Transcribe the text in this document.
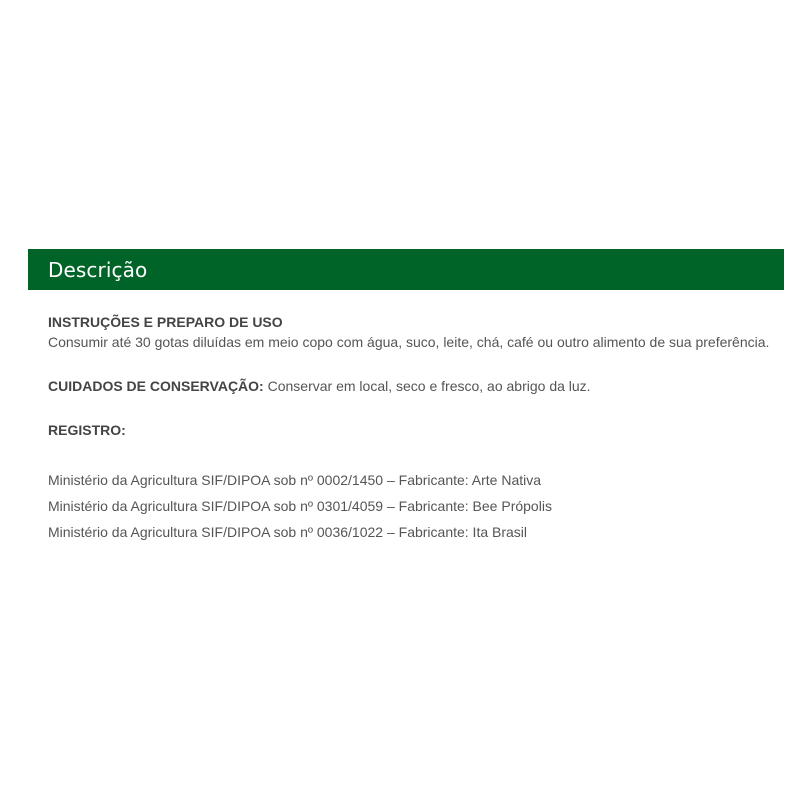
Descrição
INSTRUÇÕES E PREPARO DE USO
Consumir até 30 gotas diluídas em meio copo com água, suco, leite, chá, café ou outro alimento de sua preferência.
CUIDADOS DE CONSERVAÇÃO: Conservar em local, seco e fresco, ao abrigo da luz.
REGISTRO:
Ministério da Agricultura SIF/DIPOA sob nº 0002/1450 – Fabricante: Arte Nativa
Ministério da Agricultura SIF/DIPOA sob nº 0301/4059 – Fabricante: Bee Própolis
Ministério da Agricultura SIF/DIPOA sob nº 0036/1022 – Fabricante: Ita Brasil
